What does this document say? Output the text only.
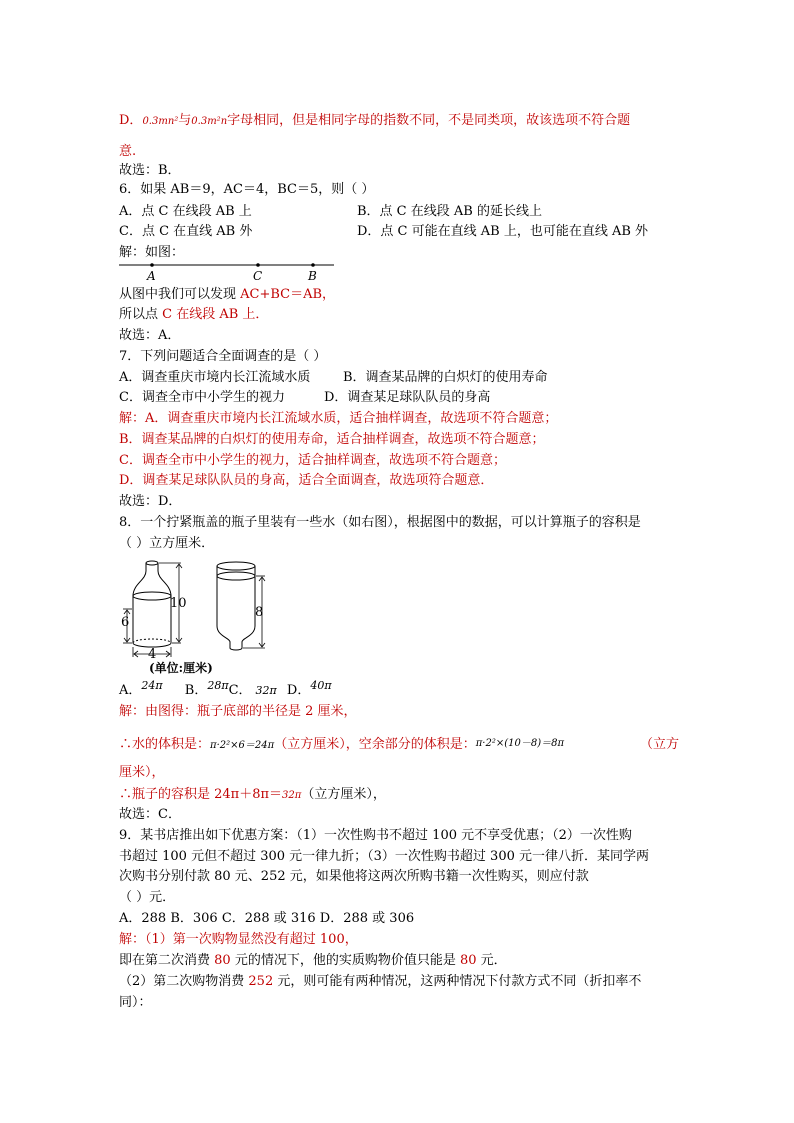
D．0.3mn²与0.3m²n字母相同，但是相同字母的指数不同，不是同类项，故该选项不符合题
意.
故选：B．
6．如果 AB＝9，AC＝4，BC＝5，则（ ）
A．点 C 在线段 AB 上	B．点 C 在线段 AB 的延长线上
C．点 C 在直线 AB 外	D．点 C 可能在直线 AB 上，也可能在直线 AB 外
解：如图：
A	C	B
从图中我们可以发现 AC+BC＝AB，
所以点 C 在线段 AB 上．
故选：A．
7．下列问题适合全面调查的是（ ）
A．调查重庆市境内长江流域水质	B．调查某品牌的白炽灯的使用寿命
C．调查全市中小学生的视力	D．调查某足球队队员的身高
解：A．调查重庆市境内长江流域水质，适合抽样调查，故选项不符合题意；
B．调查某品牌的白炽灯的使用寿命，适合抽样调查，故选项不符合题意；
C．调查全市中小学生的视力，适合抽样调查，故选项不符合题意；
D．调查某足球队队员的身高，适合全面调查，故选项符合题意．
故选：D．
8．一个拧紧瓶盖的瓶子里装有一些水（如右图），根据图中的数据，可以计算瓶子的容积是
（ ）立方厘米．
10
6
4
8
(单位:厘米)
A．$^{24\pi}$ B．$^{28\pi}$C． 32π D．$^{40\pi}$
解：由图得：瓶子底部的半径是 2 厘米，
∴水的体积是：π·2²×6＝24π（立方厘米），空余部分的体积是：π·2²×(10－8)＝8π	（立方
厘米），
∴瓶子的容积是 24π＋8π＝32π（立方厘米），
故选：C．
9．某书店推出如下优惠方案：（1）一次性购书不超过 100 元不享受优惠；（2）一次性购
书超过 100 元但不超过 300 元一律九折；（3）一次性购书超过 300 元一律八折．某同学两
次购书分别付款 80 元、252 元，如果他将这两次所购书籍一次性购买，则应付款
（ ）元．
A．288 B．306 C．288 或 316 D．288 或 306
解：（1）第一次购物显然没有超过 100，
即在第二次消费 80 元的情况下，他的实质购物价值只能是 80 元．
（2）第二次购物消费 252 元，则可能有两种情况，这两种情况下付款方式不同（折扣率不
同）：
